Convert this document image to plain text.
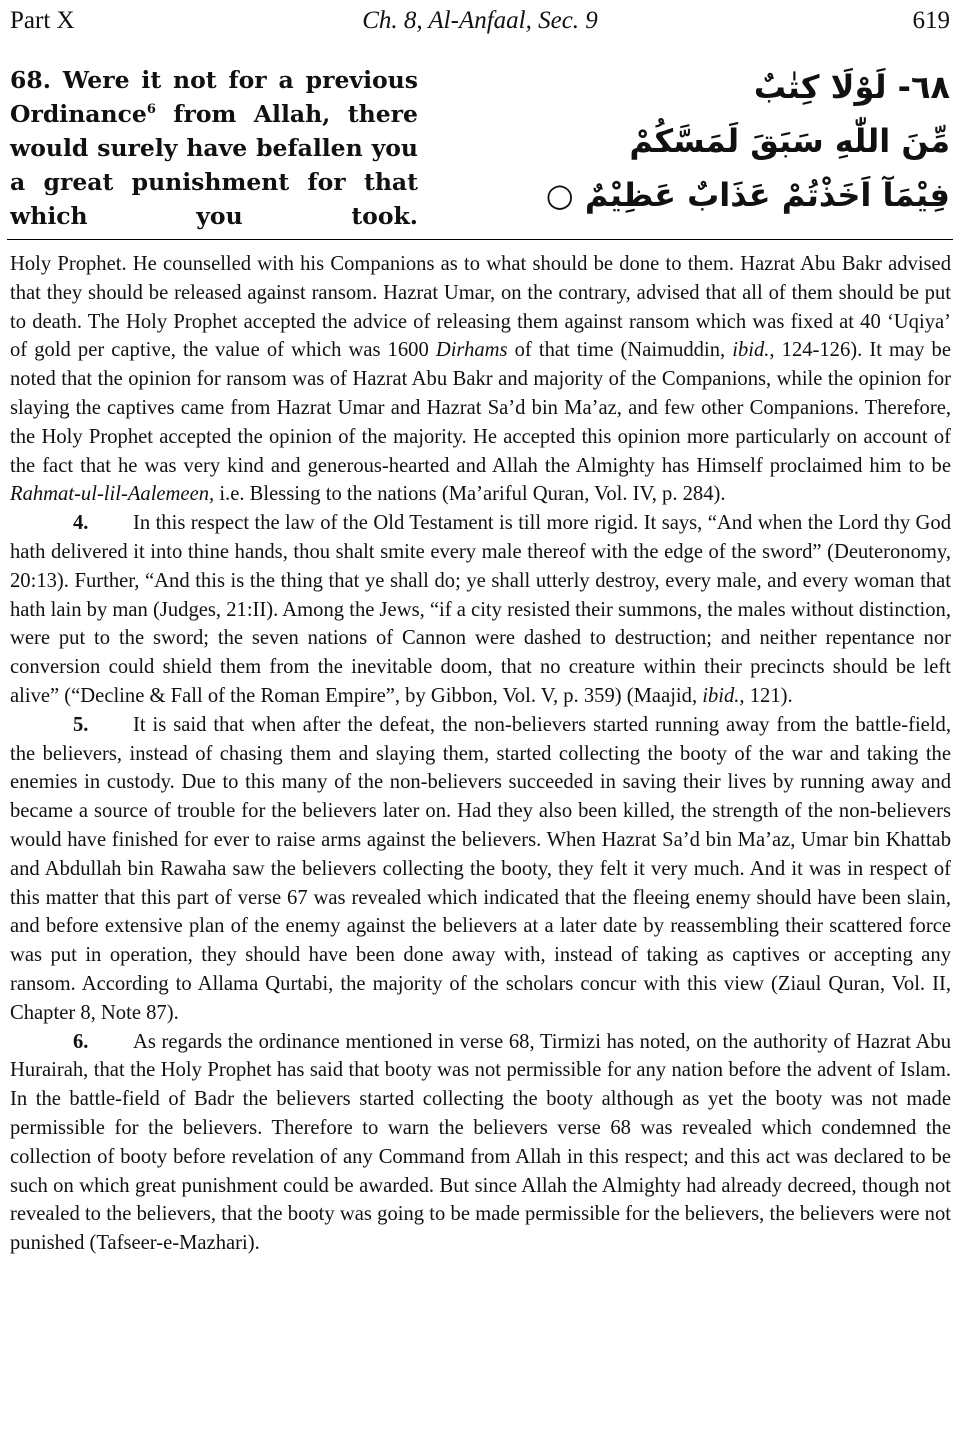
Part X	Ch. 8, Al-Anfaal, Sec. 9	619

68. Were it not for a previous Ordinance$^6$ from Allah, there would surely have befallen you a great punishment for that which you took.

٦٨- لَوْلَا كِتٰبٌ

مِّنَ اللّٰهِ سَبَقَ لَمَسَّكُمْ

فِيْمَآ اَخَذْتُمْ عَذَابٌ عَظِيْمٌ ○

Holy Prophet. He counselled with his Companions as to what should be done to them. Hazrat Abu Bakr advised that they should be released against ransom. Hazrat Umar, on the contrary, advised that all of them should be put to death. The Holy Prophet accepted the advice of releasing them against ransom which was fixed at 40 ‘Uqiya’ of gold per captive, the value of which was 1600 Dirhams of that time (Naimuddin, ibid., 124-126). It may be noted that the opinion for ransom was of Hazrat Abu Bakr and majority of the Companions, while the opinion for slaying the captives came from Hazrat Umar and Hazrat Sa’d bin Ma’az, and few other Companions. Therefore, the Holy Prophet accepted the opinion of the majority. He accepted this opinion more particularly on account of the fact that he was very kind and generous-hearted and Allah the Almighty has Himself proclaimed him to be Rahmat-ul-lil-Aalemeen, i.e. Blessing to the nations (Ma’ariful Quran, Vol. IV, p. 284).

4. In this respect the law of the Old Testament is till more rigid. It says, “And when the Lord thy God hath delivered it into thine hands, thou shalt smite every male thereof with the edge of the sword” (Deuteronomy, 20:13). Further, “And this is the thing that ye shall do; ye shall utterly destroy, every male, and every woman that hath lain by man (Judges, 21:II). Among the Jews, “if a city resisted their summons, the males without distinction, were put to the sword; the seven nations of Cannon were dashed to destruction; and neither repentance nor conversion could shield them from the inevitable doom, that no creature within their precincts should be left alive” (“Decline & Fall of the Roman Empire”, by Gibbon, Vol. V, p. 359) (Maajid, ibid., 121).

5. It is said that when after the defeat, the non-believers started running away from the battle-field, the believers, instead of chasing them and slaying them, started collecting the booty of the war and taking the enemies in custody. Due to this many of the non-believers succeeded in saving their lives by running away and became a source of trouble for the believers later on. Had they also been killed, the strength of the non-believers would have finished for ever to raise arms against the believers. When Hazrat Sa’d bin Ma’az, Umar bin Khattab and Abdullah bin Rawaha saw the believers collecting the booty, they felt it very much. And it was in respect of this matter that this part of verse 67 was revealed which indicated that the fleeing enemy should have been slain, and before extensive plan of the enemy against the believers at a later date by reassembling their scattered force was put in operation, they should have been done away with, instead of taking as captives or accepting any ransom. According to Allama Qurtabi, the majority of the scholars concur with this view (Ziaul Quran, Vol. II, Chapter 8, Note 87).

6. As regards the ordinance mentioned in verse 68, Tirmizi has noted, on the authority of Hazrat Abu Hurairah, that the Holy Prophet has said that booty was not permissible for any nation before the advent of Islam. In the battle-field of Badr the believers started collecting the booty although as yet the booty was not made permissible for the believers. Therefore to warn the believers verse 68 was revealed which condemned the collection of booty before revelation of any Command from Allah in this respect; and this act was declared to be such on which great punishment could be awarded. But since Allah the Almighty had already decreed, though not revealed to the believers, that the booty was going to be made permissible for the believers, the believers were not punished (Tafseer-e-Mazhari).
